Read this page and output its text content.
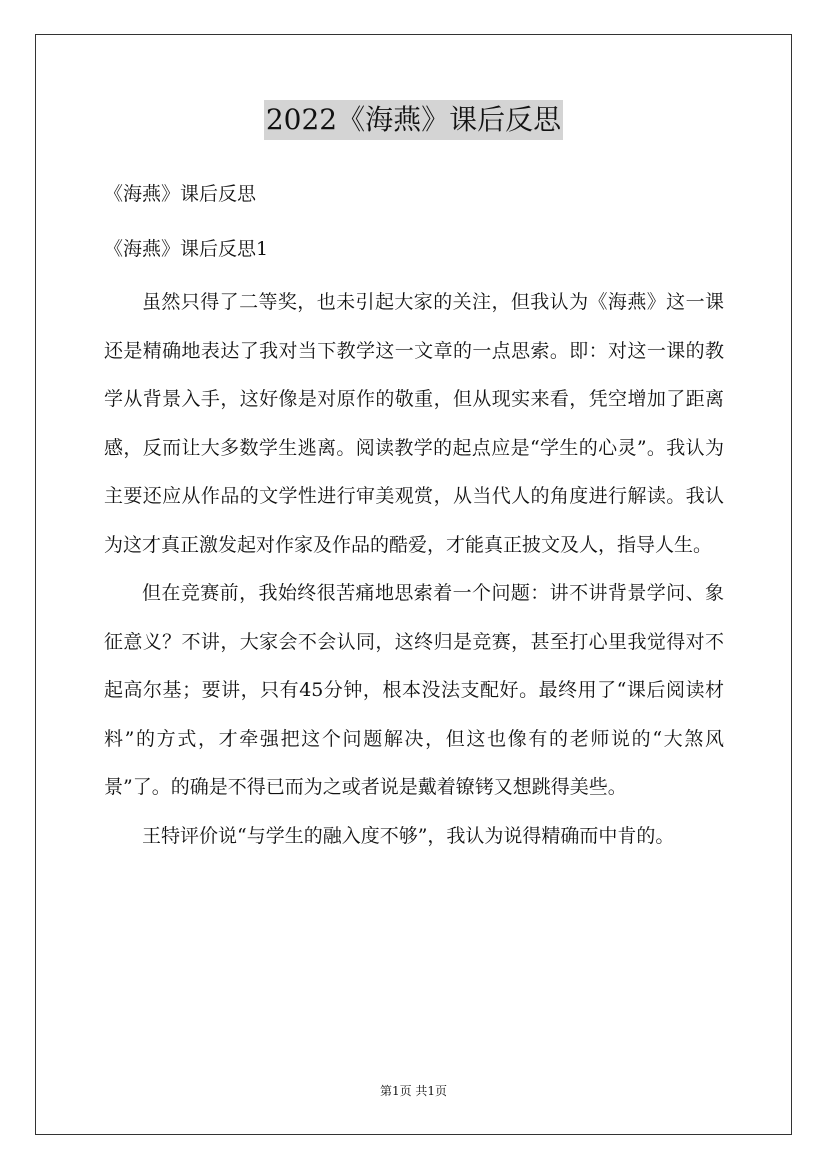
2022《海燕》课后反思
《海燕》课后反思
《海燕》课后反思1

虽然只得了二等奖，也未引起大家的关注，但我认为《海燕》这一课还是精确地表达了我对当下教学这一文章的一点思索。即：对这一课的教学从背景入手，这好像是对原作的敬重，但从现实来看，凭空增加了距离感，反而让大多数学生逃离。阅读教学的起点应是“学生的心灵”。我认为主要还应从作品的文学性进行审美观赏，从当代人的角度进行解读。我认为这才真正激发起对作家及作品的酷爱，才能真正披文及人，指导人生。

但在竞赛前，我始终很苦痛地思索着一个问题：讲不讲背景学问、象征意义？不讲，大家会不会认同，这终归是竞赛，甚至打心里我觉得对不起高尔基；要讲，只有45分钟，根本没法支配好。最终用了“课后阅读材料”的方式，才牵强把这个问题解决，但这也像有的老师说的“大煞风景”了。的确是不得已而为之或者说是戴着镣铐又想跳得美些。

王特评价说“与学生的融入度不够”，我认为说得精确而中肯的。

第1页 共1页
